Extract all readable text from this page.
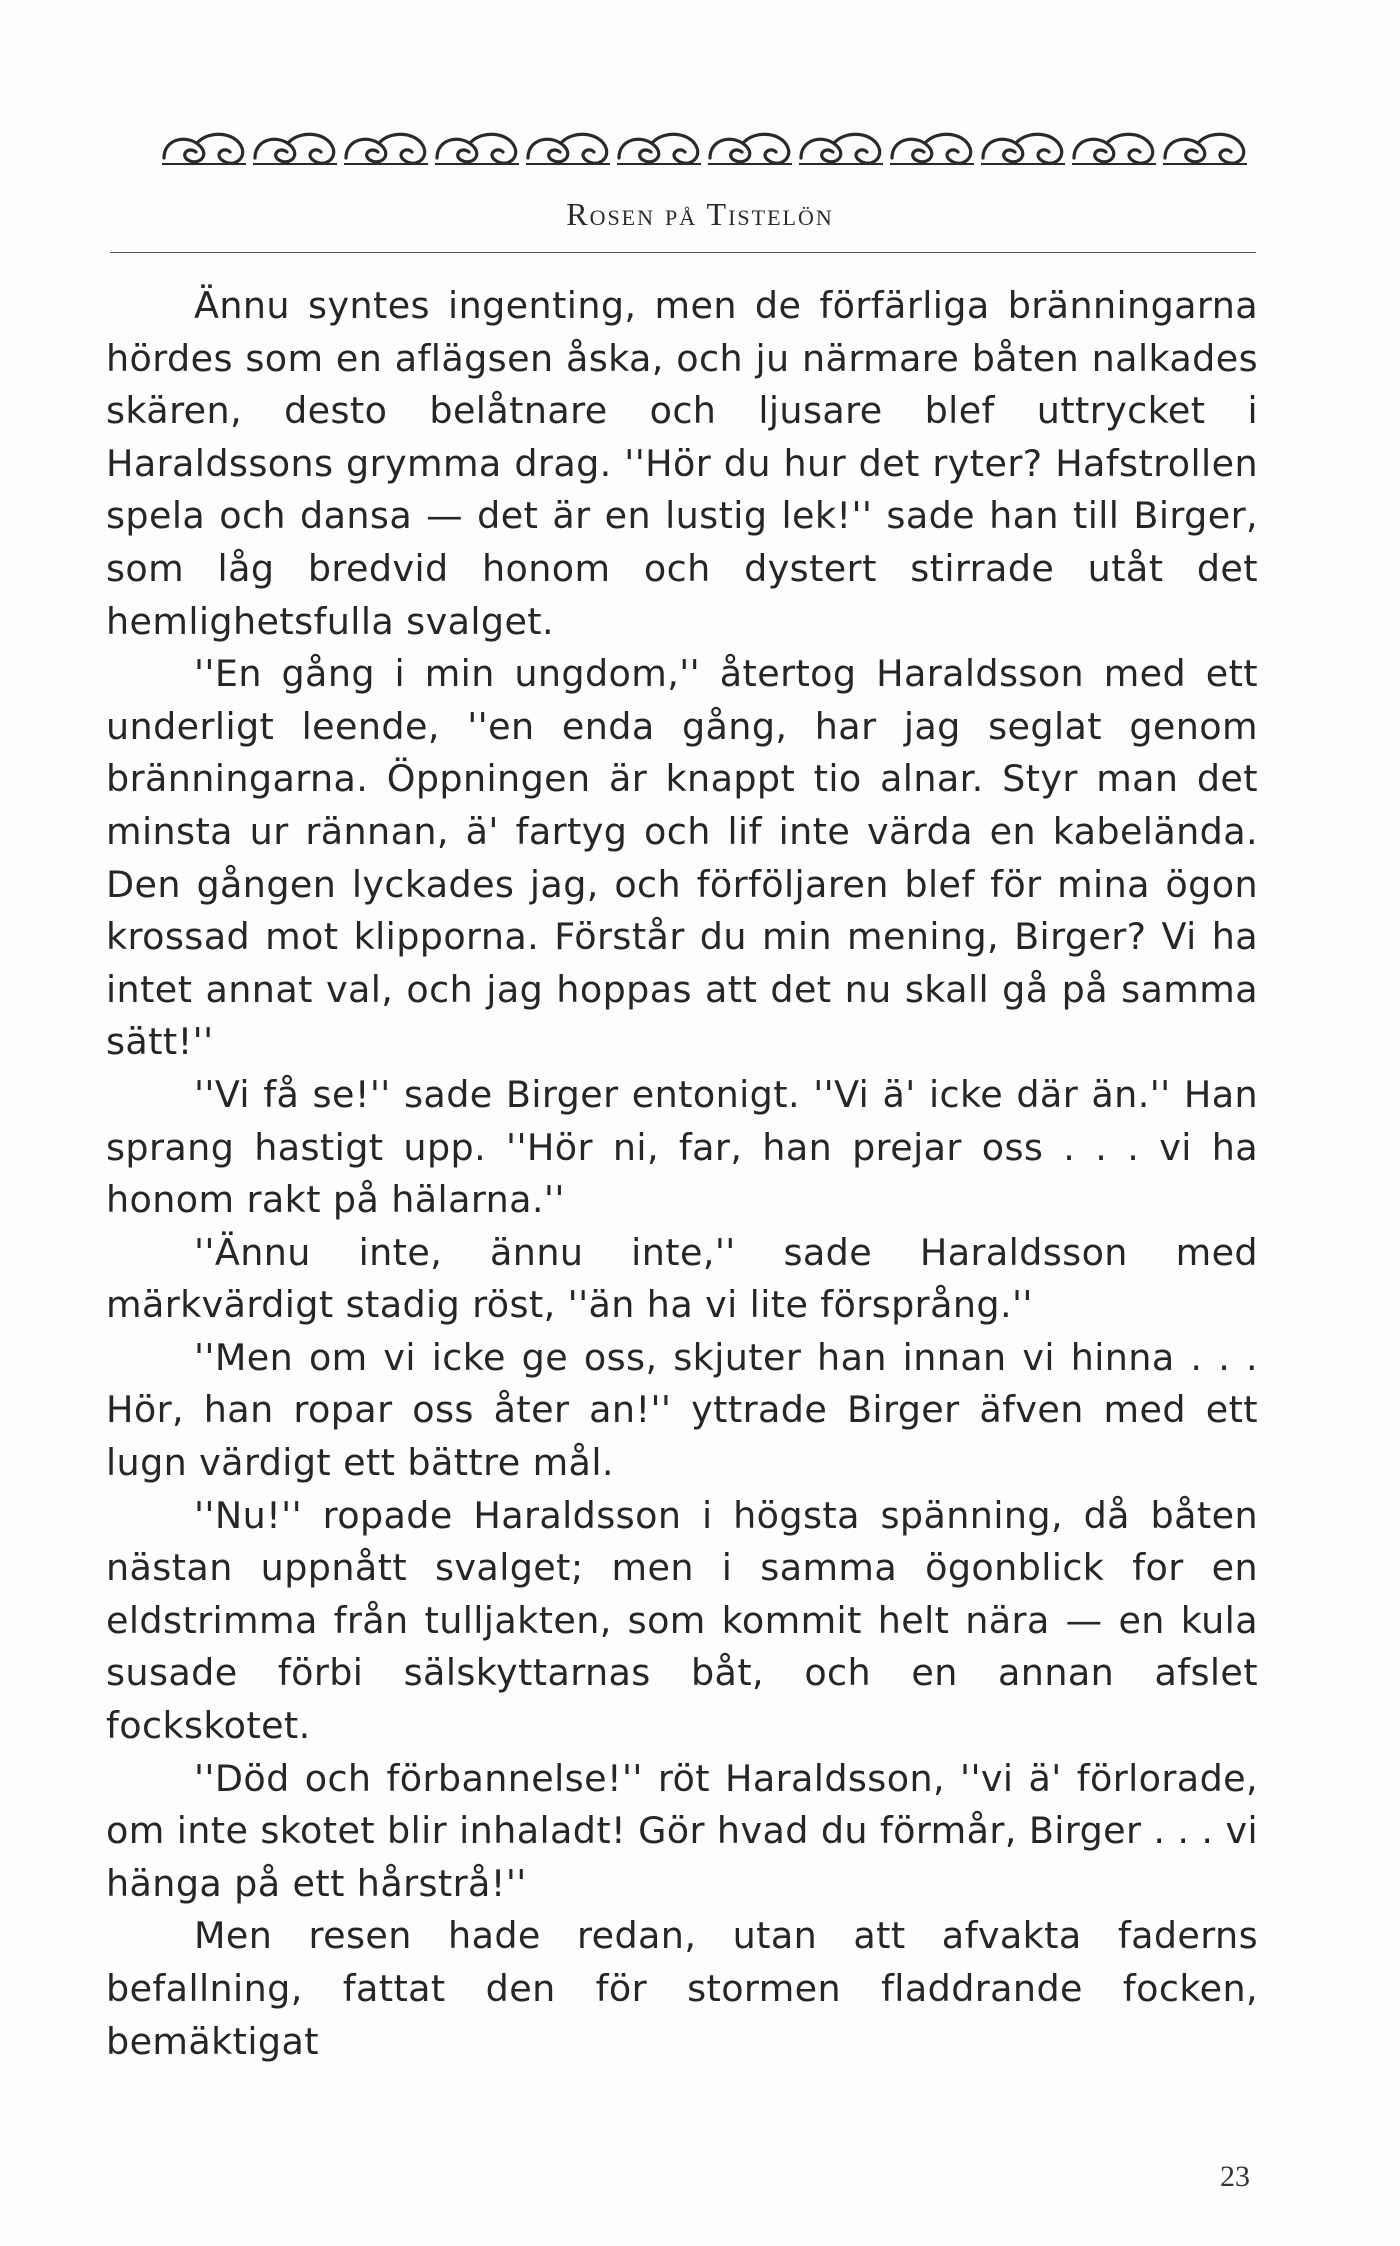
Rosen på Tistelön

Ännu syntes ingenting, men de förfärliga bränningarna hördes som en aflägsen åska, och ju närmare båten nalkades skären, desto belåtnare och ljusare blef uttrycket i Haraldssons grymma drag. ''Hör du hur det ryter? Hafstrollen spela och dansa — det är en lustig lek!'' sade han till Birger, som låg bredvid honom och dystert stirrade utåt det hemlighetsfulla svalget.

''En gång i min ungdom,'' återtog Haraldsson med ett underligt leende, ''en enda gång, har jag seglat genom bränningarna. Öppningen är knappt tio alnar. Styr man det minsta ur rännan, ä' fartyg och lif inte värda en kabelända. Den gången lyckades jag, och förföljaren blef för mina ögon krossad mot klipporna. Förstår du min mening, Birger? Vi ha intet annat val, och jag hoppas att det nu skall gå på samma sätt!''

''Vi få se!'' sade Birger entonigt. ''Vi ä' icke där än.'' Han sprang hastigt upp. ''Hör ni, far, han prejar oss . . . vi ha honom rakt på hälarna.''

''Ännu inte, ännu inte,'' sade Haraldsson med märkvärdigt stadig röst, ''än ha vi lite försprång.''

''Men om vi icke ge oss, skjuter han innan vi hinna . . . Hör, han ropar oss åter an!'' yttrade Birger äfven med ett lugn värdigt ett bättre mål.

''Nu!'' ropade Haraldsson i högsta spänning, då båten nästan uppnått svalget; men i samma ögonblick for en eldstrimma från tulljakten, som kommit helt nära — en kula susade förbi sälskyttarnas båt, och en annan afslet fockskotet.

''Död och förbannelse!'' röt Haraldsson, ''vi ä' förlorade, om inte skotet blir inhaladt! Gör hvad du förmår, Birger . . . vi hänga på ett hårstrå!''

Men resen hade redan, utan att afvakta faderns befallning, fattat den för stormen fladdrande focken, bemäktigat

23
